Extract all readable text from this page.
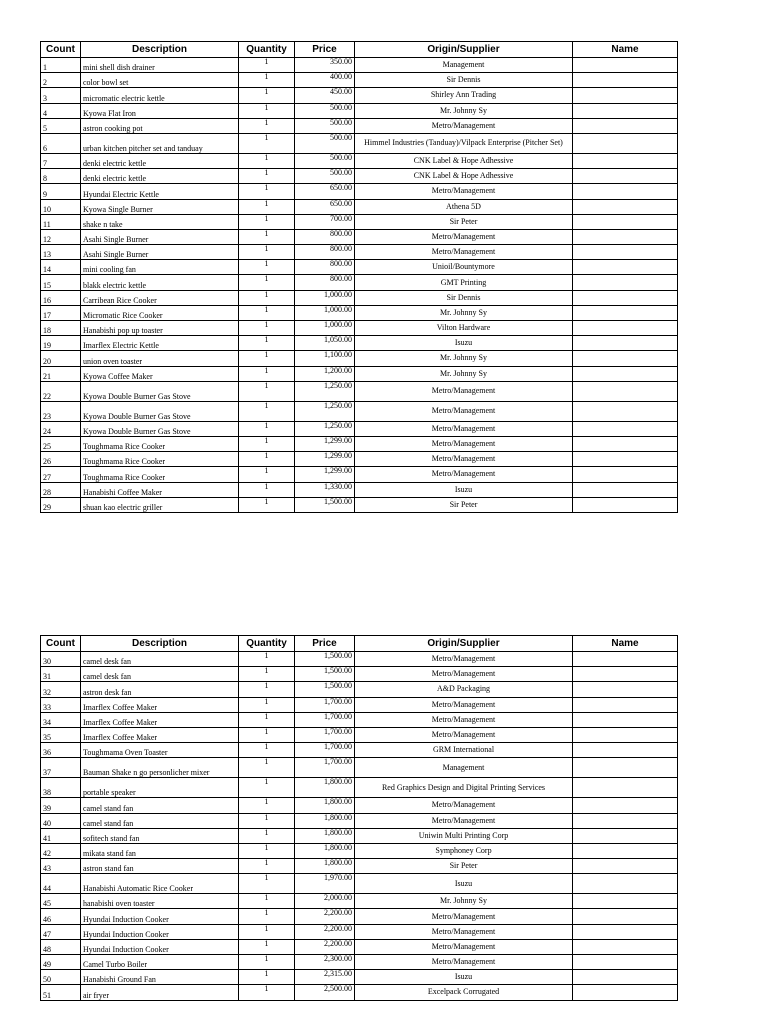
Count	Description	Quantity	Price	Origin/Supplier	Name
1	mini shell dish drainer	1	350.00	Management	
2	color bowl set	1	400.00	Sir Dennis	
3	micromatic electric kettle	1	450.00	Shirley Ann Trading	
4	Kyowa Flat Iron	1	500.00	Mr. Johnny Sy	
5	astron cooking pot	1	500.00	Metro/Management	
6	urban kitchen pitcher set and tanduay	1	500.00	Himmel Industries (Tanduay)/Vilpack Enterprise (Pitcher Set)	
7	denki electric kettle	1	500.00	CNK Label & Hope Adhessive	
8	denki electric kettle	1	500.00	CNK Label & Hope Adhessive	
9	Hyundai Electric Kettle	1	650.00	Metro/Management	
10	Kyowa Single Burner	1	650.00	Athena 5D	
11	shake n take	1	700.00	Sir Peter	
12	Asahi Single Burner	1	800.00	Metro/Management	
13	Asahi Single Burner	1	800.00	Metro/Management	
14	mini cooling fan	1	800.00	Unioil/Bountymore	
15	blakk electric kettle	1	800.00	GMT Printing	
16	Carribean Rice Cooker	1	1,000.00	Sir Dennis	
17	Micromatic Rice Cooker	1	1,000.00	Mr. Johnny Sy	
18	Hanabishi pop up toaster	1	1,000.00	Vilton Hardware	
19	Imarflex Electric Kettle	1	1,050.00	Isuzu	
20	union oven toaster	1	1,100.00	Mr. Johnny Sy	
21	Kyowa Coffee Maker	1	1,200.00	Mr. Johnny Sy	
22	Kyowa Double Burner Gas Stove	1	1,250.00	Metro/Management	
23	Kyowa Double Burner Gas Stove	1	1,250.00	Metro/Management	
24	Kyowa Double Burner Gas Stove	1	1,250.00	Metro/Management	
25	Toughmama Rice Cooker	1	1,299.00	Metro/Management	
26	Toughmama Rice Cooker	1	1,299.00	Metro/Management	
27	Toughmama Rice Cooker	1	1,299.00	Metro/Management	
28	Hanabishi Coffee Maker	1	1,330.00	Isuzu	
29	shuan kao electric griller	1	1,500.00	Sir Peter	
Count	Description	Quantity	Price	Origin/Supplier	Name
30	camel desk fan	1	1,500.00	Metro/Management	
31	camel desk fan	1	1,500.00	Metro/Management	
32	astron desk fan	1	1,500.00	A&D Packaging	
33	Imarflex Coffee Maker	1	1,700.00	Metro/Management	
34	Imarflex Coffee Maker	1	1,700.00	Metro/Management	
35	Imarflex Coffee Maker	1	1,700.00	Metro/Management	
36	Toughmama Oven Toaster	1	1,700.00	GRM International	
37	Bauman Shake n go personlicher mixer	1	1,700.00	Management	
38	portable speaker	1	1,800.00	Red Graphics Design and Digital Printing Services	
39	camel stand fan	1	1,800.00	Metro/Management	
40	camel stand fan	1	1,800.00	Metro/Management	
41	sofitech stand fan	1	1,800.00	Uniwin Multi Printing Corp	
42	mikata stand fan	1	1,800.00	Symphoney Corp	
43	astron stand fan	1	1,800.00	Sir Peter	
44	Hanabishi Automatic Rice Cooker	1	1,970.00	Isuzu	
45	hanabishi oven toaster	1	2,000.00	Mr. Johnny Sy	
46	Hyundai Induction Cooker	1	2,200.00	Metro/Management	
47	Hyundai Induction Cooker	1	2,200.00	Metro/Management	
48	Hyundai Induction Cooker	1	2,200.00	Metro/Management	
49	Camel Turbo Boiler	1	2,300.00	Metro/Management	
50	Hanabishi Ground Fan	1	2,315.00	Isuzu	
51	air fryer	1	2,500.00	Excelpack Corrugated	
